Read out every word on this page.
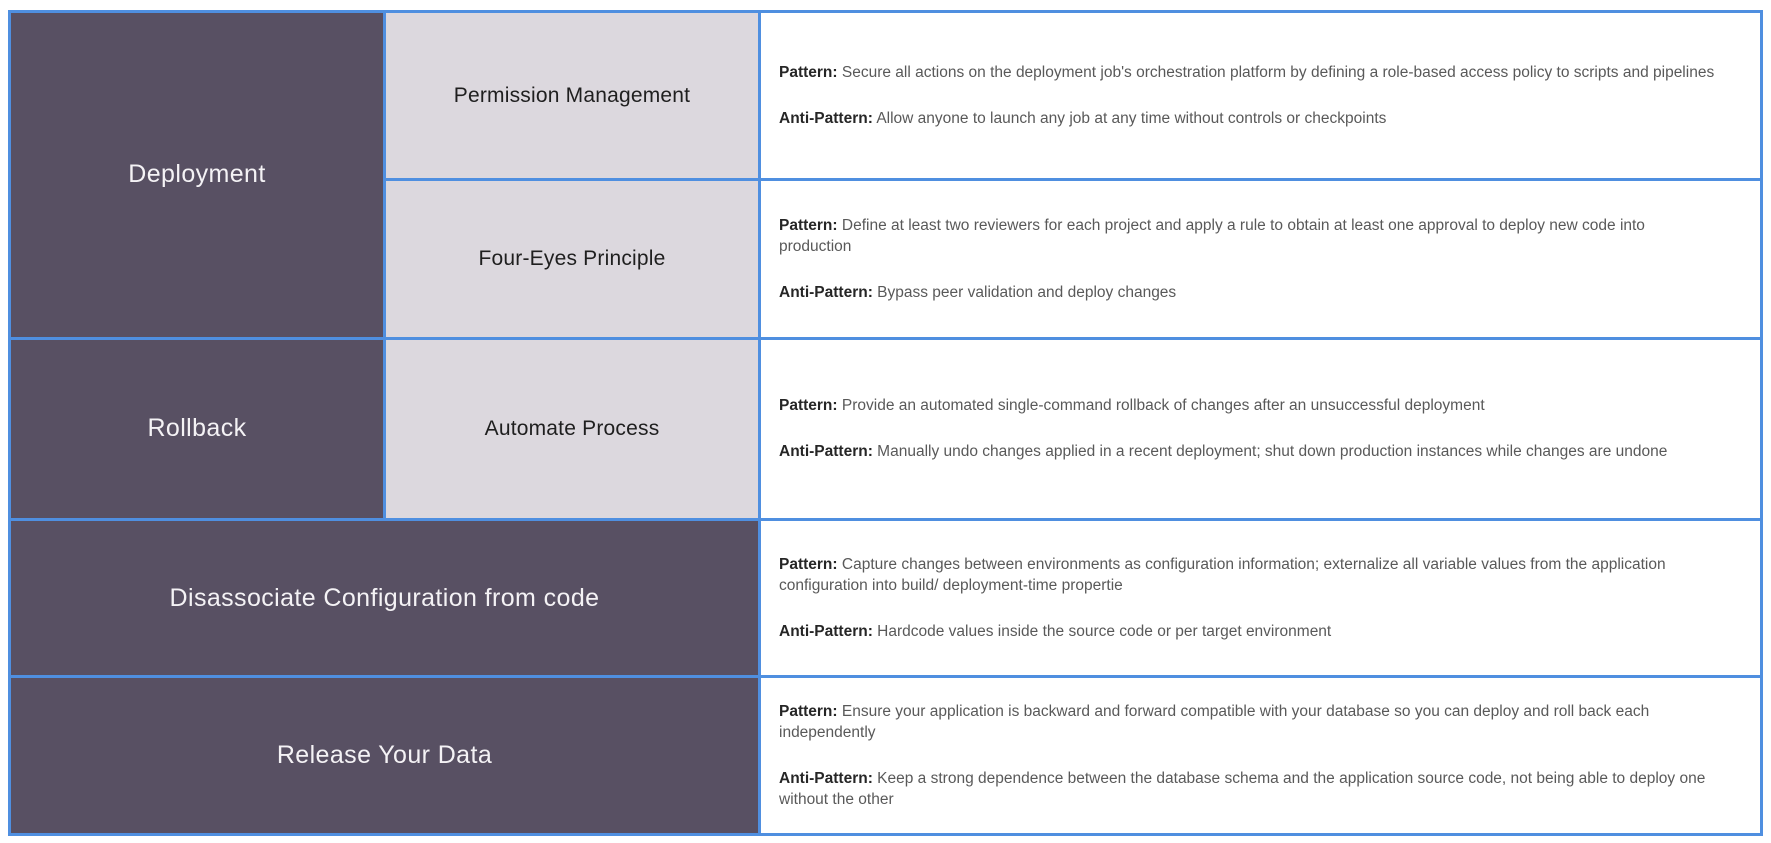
Deployment
Permission Management

Pattern: Secure all actions on the deployment job's orchestration platform by defining a role-based access policy to scripts and pipelines

Anti-Pattern: Allow anyone to launch any job at any time without controls or checkpoints

Four-Eyes Principle

Pattern: Define at least two reviewers for each project and apply a rule to obtain at least one approval to deploy new code into production

Anti-Pattern: Bypass peer validation and deploy changes

Rollback	Automate Process

Pattern: Provide an automated single-command rollback of changes after an unsuccessful deployment

Anti-Pattern: Manually undo changes applied in a recent deployment; shut down production instances while changes are undone

Disassociate Configuration from code

Pattern: Capture changes between environments as configuration information; externalize all variable values from the application configuration into build/ deployment-time propertie

Anti-Pattern: Hardcode values inside the source code or per target environment

Release Your Data

Pattern: Ensure your application is backward and forward compatible with your database so you can deploy and roll back each independently

Anti-Pattern: Keep a strong dependence between the database schema and the application source code, not being able to deploy one without the other
